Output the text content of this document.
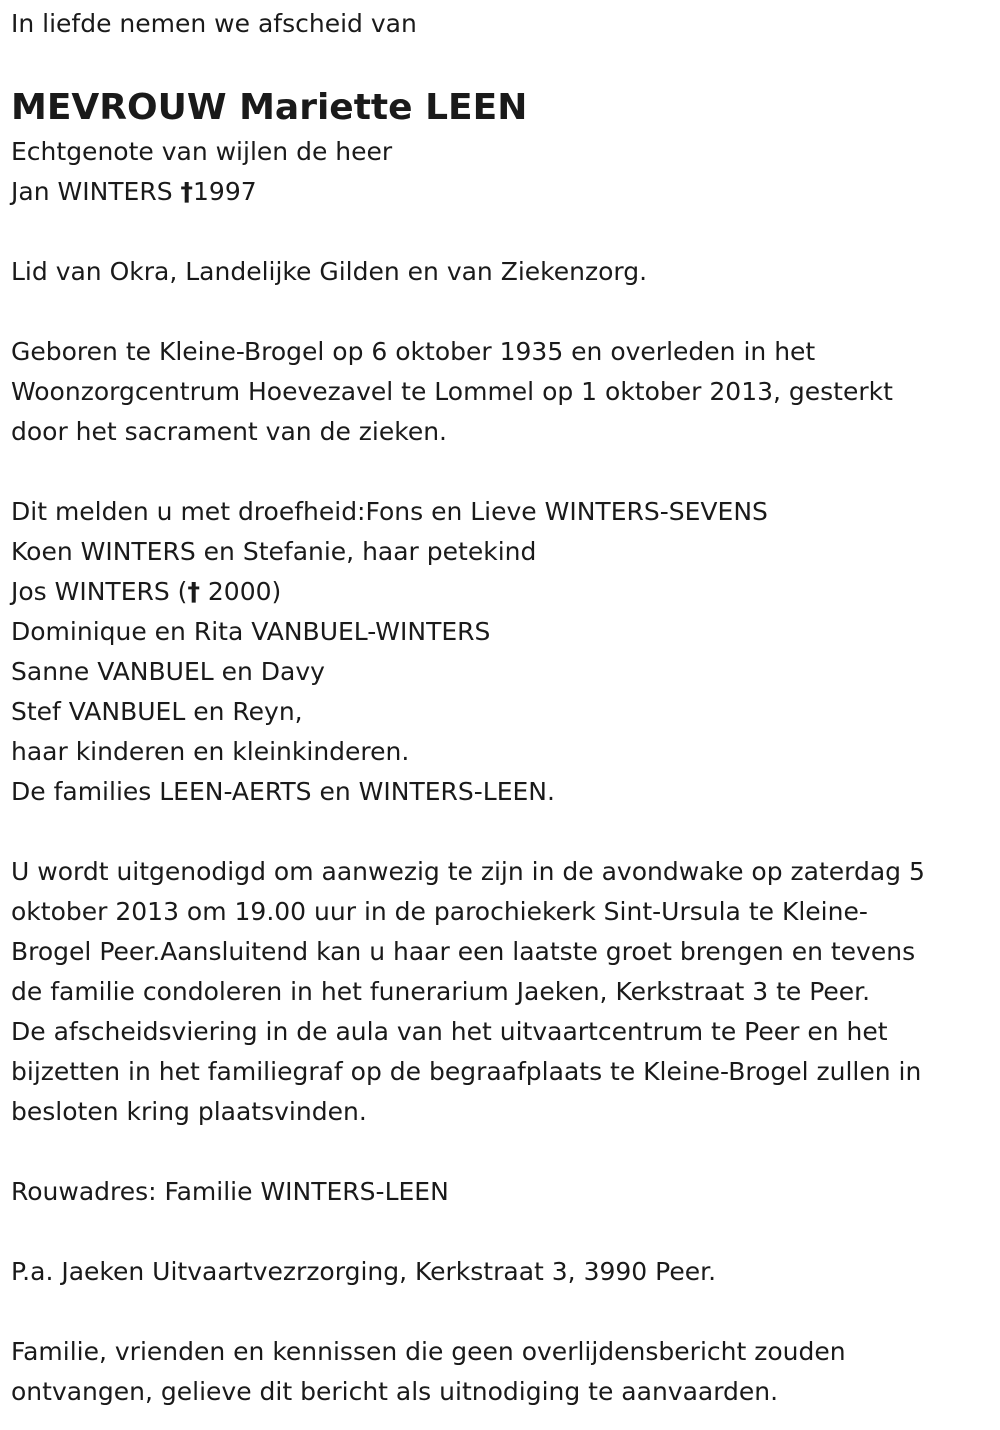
In liefde nemen we afscheid van
MEVROUW Mariette LEEN
Echtgenote van wijlen de heer
Jan WINTERS †1997
Lid van Okra, Landelijke Gilden en van Ziekenzorg.
Geboren te Kleine-Brogel op 6 oktober 1935 en overleden in het
Woonzorgcentrum Hoevezavel te Lommel op 1 oktober 2013, gesterkt
door het sacrament van de zieken.
Dit melden u met droefheid:Fons en Lieve WINTERS-SEVENS
Koen WINTERS en Stefanie, haar petekind
Jos WINTERS († 2000)
Dominique en Rita VANBUEL-WINTERS
Sanne VANBUEL en Davy
Stef VANBUEL en Reyn,
haar kinderen en kleinkinderen.
De families LEEN-AERTS en WINTERS-LEEN.
U wordt uitgenodigd om aanwezig te zijn in de avondwake op zaterdag 5
oktober 2013 om 19.00 uur in de parochiekerk Sint-Ursula te Kleine-
Brogel Peer.Aansluitend kan u haar een laatste groet brengen en tevens
de familie condoleren in het funerarium Jaeken, Kerkstraat 3 te Peer.
De afscheidsviering in de aula van het uitvaartcentrum te Peer en het
bijzetten in het familiegraf op de begraafplaats te Kleine-Brogel zullen in
besloten kring plaatsvinden.
Rouwadres: Familie WINTERS-LEEN
P.a. Jaeken Uitvaartvezrzorging, Kerkstraat 3, 3990 Peer.
Familie, vrienden en kennissen die geen overlijdensbericht zouden
ontvangen, gelieve dit bericht als uitnodiging te aanvaarden.
